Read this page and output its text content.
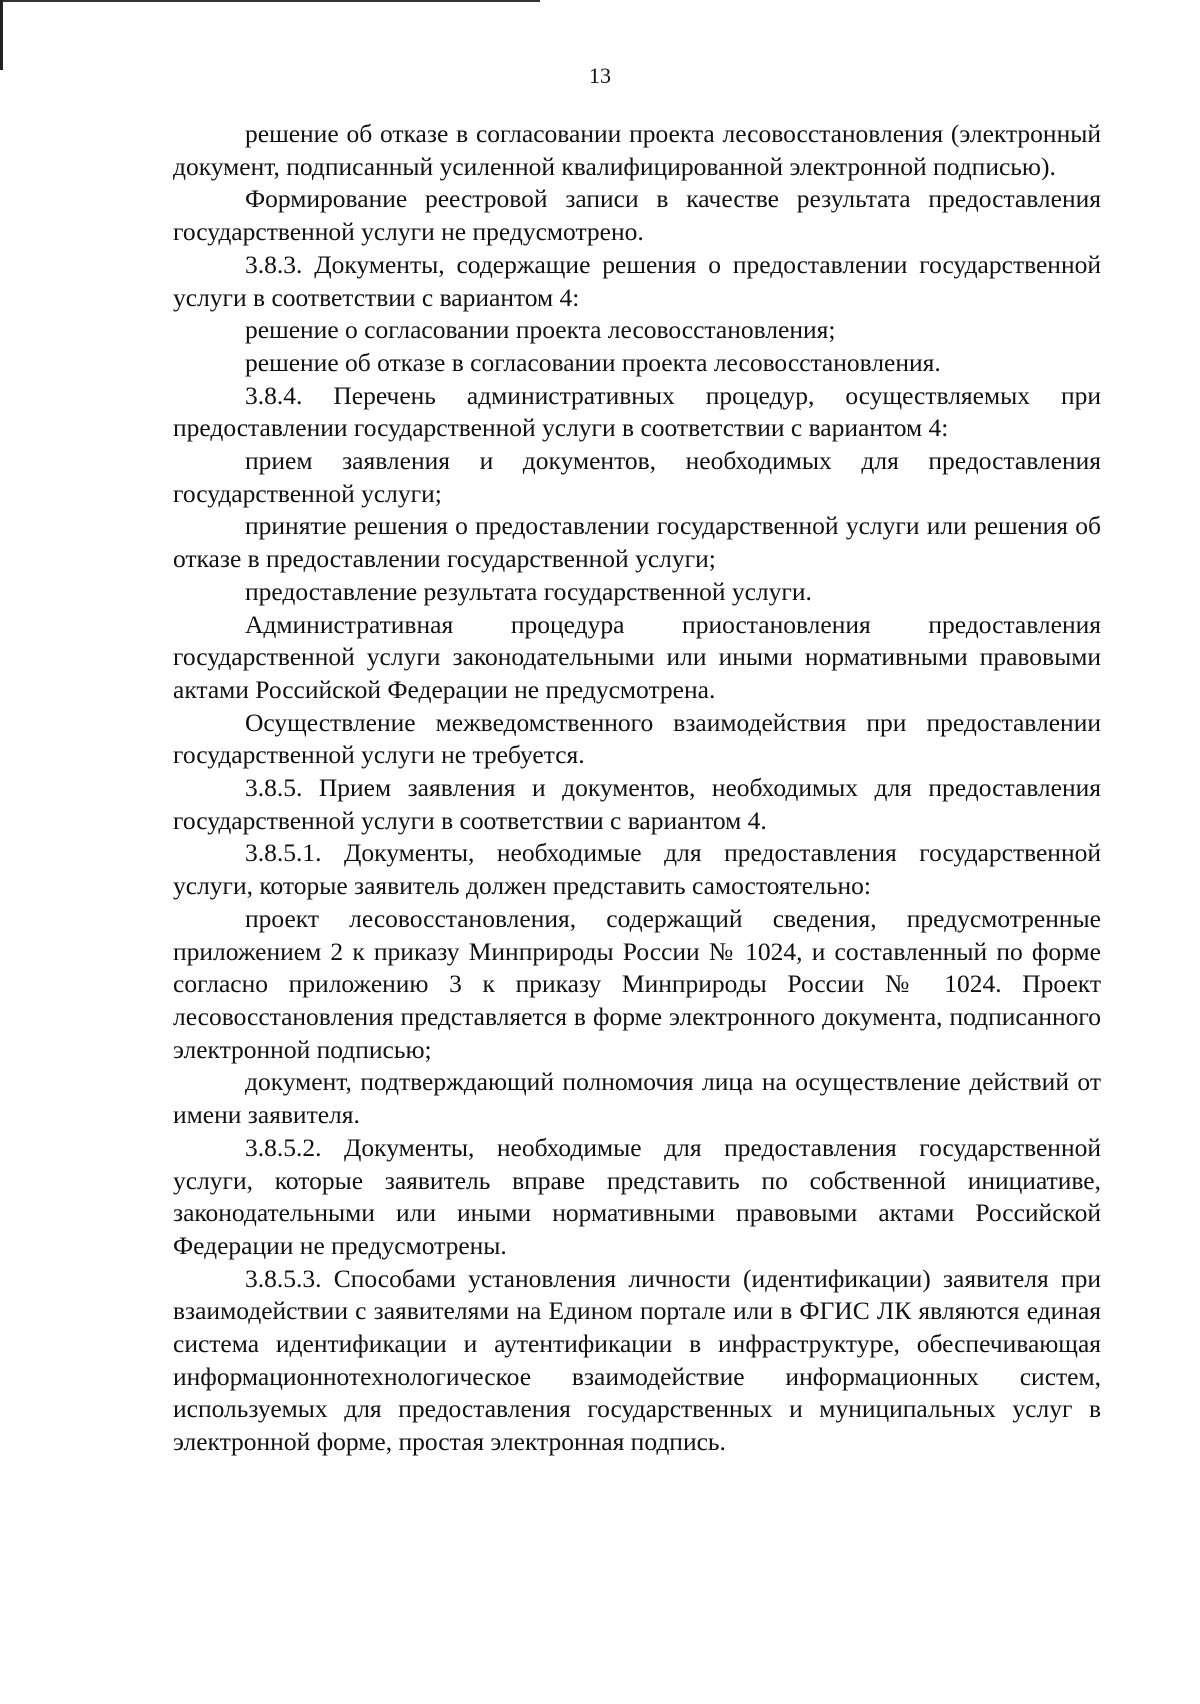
13

решение об отказе в согласовании проекта лесовосстановления (электронный документ, подписанный усиленной квалифицированной электронной подписью).

Формирование реестровой записи в качестве результата предоставления государственной услуги не предусмотрено.

3.8.3. Документы, содержащие решения о предоставлении государственной услуги в соответствии с вариантом 4:

решение о согласовании проекта лесовосстановления;

решение об отказе в согласовании проекта лесовосстановления.

3.8.4. Перечень административных процедур, осуществляемых при предоставлении государственной услуги в соответствии с вариантом 4:

прием заявления и документов, необходимых для предоставления государственной услуги;

принятие решения о предоставлении государственной услуги или решения об отказе в предоставлении государственной услуги;

предоставление результата государственной услуги.

Административная процедура приостановления предоставления государственной услуги законодательными или иными нормативными правовыми актами Российской Федерации не предусмотрена.

Осуществление межведомственного взаимодействия при предоставлении государственной услуги не требуется.

3.8.5. Прием заявления и документов, необходимых для предоставления государственной услуги в соответствии с вариантом 4.

3.8.5.1. Документы, необходимые для предоставления государственной услуги, которые заявитель должен представить самостоятельно:

проект лесовосстановления, содержащий сведения, предусмотренные приложением 2 к приказу Минприроды России № 1024, и составленный по форме согласно приложению 3 к приказу Минприроды России № 1024. Проект лесовосстановления представляется в форме электронного документа, подписанного электронной подписью;

документ, подтверждающий полномочия лица на осуществление действий от имени заявителя.

3.8.5.2. Документы, необходимые для предоставления государственной услуги, которые заявитель вправе представить по собственной инициативе, законодательными или иными нормативными правовыми актами Российской Федерации не предусмотрены.

3.8.5.3. Способами установления личности (идентификации) заявителя при взаимодействии с заявителями на Едином портале или в ФГИС ЛК являются единая система идентификации и аутентификации в инфраструктуре, обеспечивающая информационнотехнологическое взаимодействие информационных систем, используемых для предоставления государственных и муниципальных услуг в электронной форме, простая электронная подпись.
